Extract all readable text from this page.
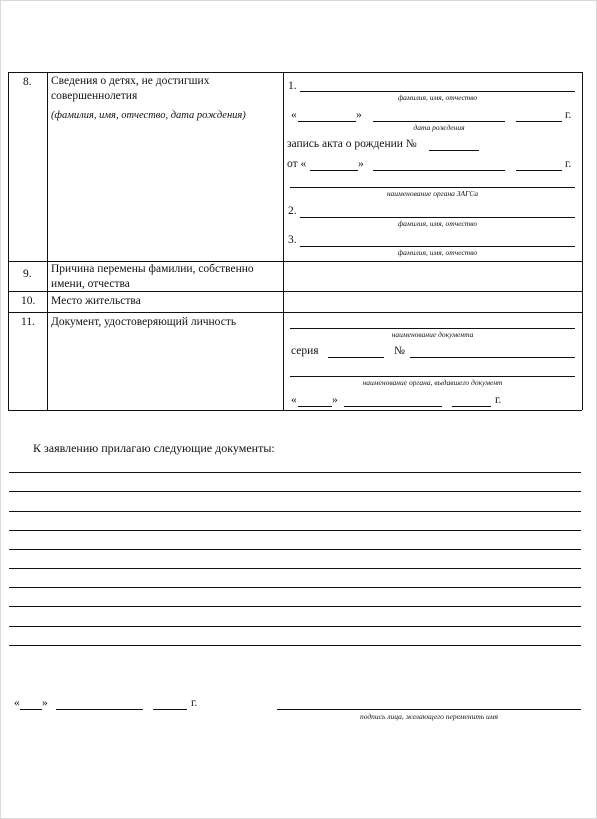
8. Сведения о детях, не достигших совершеннолетия
(фамилия, имя, отчество, дата рождения)
1.
фамилия, имя, отчество
«	»	г.
дата рождения
запись акта о рождении №
от «	»	г.
наименование органа ЗАГСа
2.
фамилия, имя, отчество
3.
фамилия, имя, отчество
9. Причина перемены фамилии, собственно имени, отчества
10. Место жительства
11. Документ, удостоверяющий личность
наименование документа
серия	№
наименование органа, выдавшего документ
«	»	г.
К заявлению прилагаю следующие документы:
« »	г.
подпись лица, желающего переменить имя
